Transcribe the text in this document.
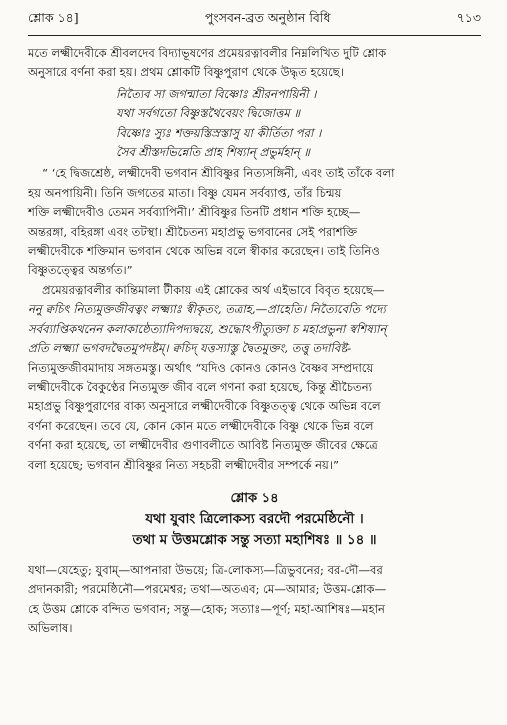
শ্লোক ১৪]	পুংসবন-ব্রত অনুষ্ঠান বিধি	৭১৩

মতে লক্ষ্মীদেবীকে শ্রীবলদেব বিদ্যাভূষণের প্রমেয়রত্নাবলীর নিম্নলিখিত দুটি শ্লোক

অনুসারে বর্ণনা করা হয়। প্রথম শ্লোকটি বিষ্ণুপুরাণ থেকে উদ্ধৃত হয়েছে।

নিত্যৈব সা জগন্মাতা বিষ্ণোঃ শ্রীরনপায়িনী ।

যথা সর্বগতো বিষ্ণুস্তথৈবেয়ং দ্বিজোত্তম ॥

বিষ্ণোঃ স্যুঃ শক্তয়স্তিস্রস্তাসু যা কীর্তিতা পরা ।

সৈব শ্রীস্তদভিন্নেতি প্রাহ শিষ্যান্ প্রভুর্মহান্ ॥

“ ‘হে দ্বিজশ্রেষ্ঠ, লক্ষ্মীদেবী ভগবান শ্রীবিষ্ণুর নিত্যসঙ্গিনী, এবং তাই তাঁকে বলা

হয় অনপায়িনী। তিনি জগতের মাতা। বিষ্ণু যেমন সর্বব্যাপ্ত, তাঁর চিন্ময়

শক্তি লক্ষ্মীদেবীও তেমন সর্বব্যাপিনী।’ শ্রীবিষ্ণুর তিনটি প্রধান শক্তি হচ্ছে—

অন্তরঙ্গা, বহিরঙ্গা এবং তটস্থা। শ্রীচৈতন্য মহাপ্রভু ভগবানের সেই পরাশক্তি

লক্ষ্মীদেবীকে শক্তিমান ভগবান থেকে অভিন্ন বলে স্বীকার করেছেন। তাই তিনিও

বিষ্ণুতত্ত্বের অন্তর্গত।”

প্রমেয়রত্নাবলীর কান্তিমালা টীকায় এই শ্লোকের অর্থ এইভাবে বিবৃত হয়েছে—

ননু ক্বচিৎ নিত্যমুক্তজীবত্বং লক্ষ্ম্যাঃ স্বীকৃতং, তত্রাহ,—প্রাহেতি। নিত্যৈবেতি পদ্যে

সর্বব্যাপ্তিকথনেন কলাকাষ্ঠেত্যাদিপদ্যদ্বয়ে, শুদ্ধোঽপীত্যুক্তা চ মহাপ্রভুনা স্বশিষ্যান্

প্রতি লক্ষ্ম্যা ভগবদদ্বৈতমুপদষ্টম্। ক্বচিদ্ যত্তস্যাস্তু দ্বৈতমুক্তং, তত্তু তদাবিষ্ট-

নিত্যমুক্তজীবমাদায় সঙ্গতমস্তু। অর্থাৎ “যদিও কোনও কোনও বৈষ্ণব সম্প্রদায়ে

লক্ষ্মীদেবীকে বৈকুণ্ঠের নিত্যমুক্ত জীব বলে গণনা করা হয়েছে, কিন্তু শ্রীচৈতন্য

মহাপ্রভু বিষ্ণুপুরাণের বাক্য অনুসারে লক্ষ্মীদেবীকে বিষ্ণুতত্ত্ব থেকে অভিন্ন বলে

বর্ণনা করেছেন। তবে যে, কোন কোন মতে লক্ষ্মীদেবীকে বিষ্ণু থেকে ভিন্ন বলে

বর্ণনা করা হয়েছে, তা লক্ষ্মীদেবীর গুণাবলীতে আবিষ্ট নিত্যমুক্ত জীবের ক্ষেত্রে

বলা হয়েছে; ভগবান শ্রীবিষ্ণুর নিত্য সহচরী লক্ষ্মীদেবীর সম্পর্কে নয়।”

শ্লোক ১৪

যথা যুবাং ত্রিলোকস্য বরদৌ পরমেষ্ঠিনৌ ।

তথা ম উত্তমশ্লোক সন্তু সত্যা মহাশিষঃ ॥ ১৪ ॥

যথা—যেহেতু; যুবাম্—আপনারা উভয়ে; ত্রি-লোকস্য—ত্রিভুবনের; বর-দৌ—বর

প্রদানকারী; পরমেষ্ঠিনৌ—পরমেশ্বর; তথা—অতএব; মে—আমার; উত্তম-শ্লোক—

হে উত্তম শ্লোকে বন্দিত ভগবান; সন্তু—হোক; সত্যাঃ—পূর্ণ; মহা-আশিষঃ—মহান

অভিলাষ।
